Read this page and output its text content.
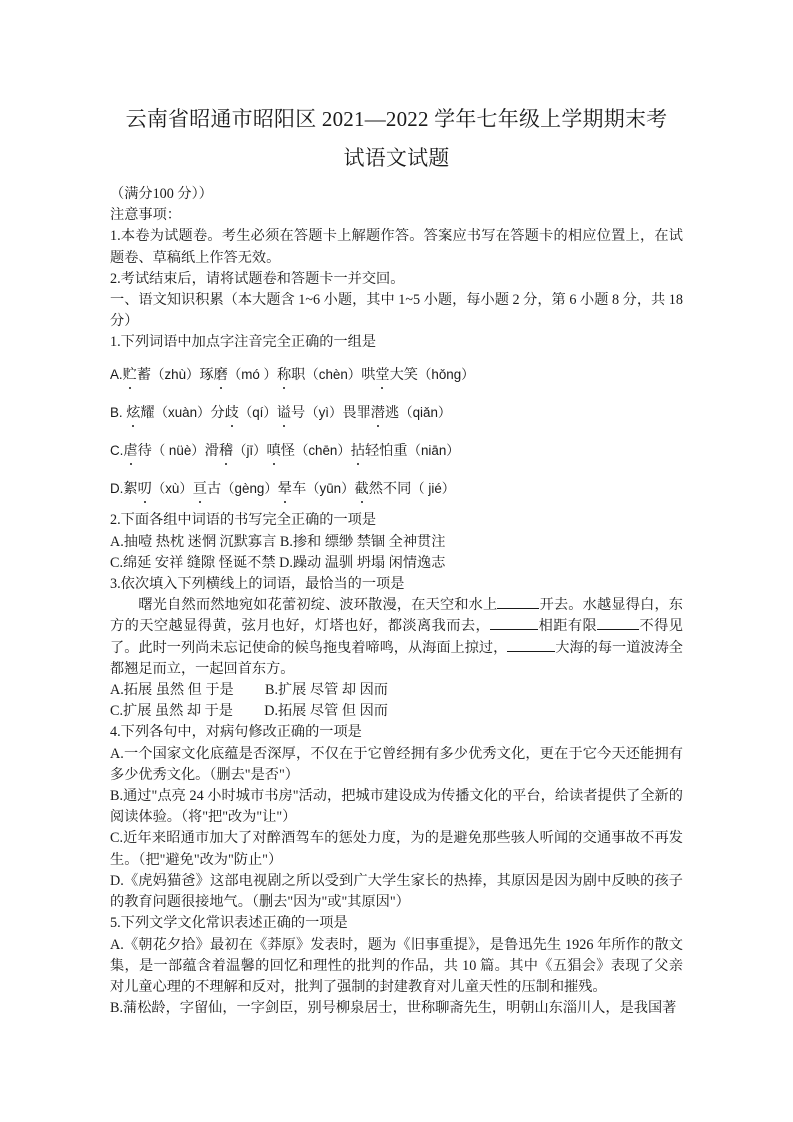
云南省昭通市昭阳区 2021—2022 学年七年级上学期期末考
试语文试题
（满分100 分））
注意事项：
1.本卷为试题卷。考生必须在答题卡上解题作答。答案应书写在答题卡的相应位置上，在试题卷、草稿纸上作答无效。
2.考试结束后，请将试题卷和答题卡一并交回。
一、语文知识积累（本大题含 1~6 小题，其中 1~5 小题，每小题 2 分，第 6 小题 8 分，共 18 分）
1.下列词语中加点字注音完全正确的一组是
A.贮蓄（zhù）琢磨（mó ）称职（chèn）哄堂大笑（hǒng）
B. 炫耀（xuàn）分歧（qí）谥号（yì）畏罪潜逃（qiǎn）
C.虐待（ nüè）滑稽（jī）嗔怪（chēn）拈轻怕重（niān）
D.絮叨（xù）亘古（gèng）晕车（yūn）截然不同（ jié）
2.下面各组中词语的书写完全正确的一项是
A.抽噎 热枕 迷惘 沉默寡言 B.掺和 缥缈 禁锢 全神贯注
C.绵延 安祥 缝隙 怪诞不禁 D.躁动 温驯 坍塌 闲情逸志
3.依次填入下列横线上的词语，最恰当的一项是
曙光自然而然地宛如花蕾初绽、波环散漫，在天空和水上	开去。水越显得白，东方的天空越显得黄，弦月也好，灯塔也好，都淡离我而去，	相距有限	不得见了。此时一列尚未忘记使命的候鸟拖曳着啼鸣，从海面上掠过，	大海的每一道波涛全都翘足而立，一起回首东方。
A.拓展 虽然 但 于是 B.扩展 尽管 却 因而
C.扩展 虽然 却 于是 D.拓展 尽管 但 因而
4.下列各句中，对病句修改正确的一项是
A.一个国家文化底蕴是否深厚，不仅在于它曾经拥有多少优秀文化，更在于它今天还能拥有多少优秀文化。（删去"是否"）
B.通过"点亮 24 小时城市书房"活动，把城市建设成为传播文化的平台，给读者提供了全新的阅读体验。（将"把"改为"让"）
C.近年来昭通市加大了对醉酒驾车的惩处力度，为的是避免那些骇人听闻的交通事故不再发生。（把"避免"改为"防止"）
D.《虎妈猫爸》这部电视剧之所以受到广大学生家长的热捧，其原因是因为剧中反映的孩子的教育问题很接地气。（删去"因为"或"其原因"）
5.下列文学文化常识表述正确的一项是
A.《朝花夕拾》最初在《莽原》发表时，题为《旧事重提》，是鲁迅先生 1926 年所作的散文集，是一部蕴含着温馨的回忆和理性的批判的作品，共 10 篇。其中《五猖会》表现了父亲对儿童心理的不理解和反对，批判了强制的封建教育对儿童天性的压制和摧残。
B.蒲松龄，字留仙，一字剑臣，别号柳泉居士，世称聊斋先生，明朝山东淄川人，是我国著
